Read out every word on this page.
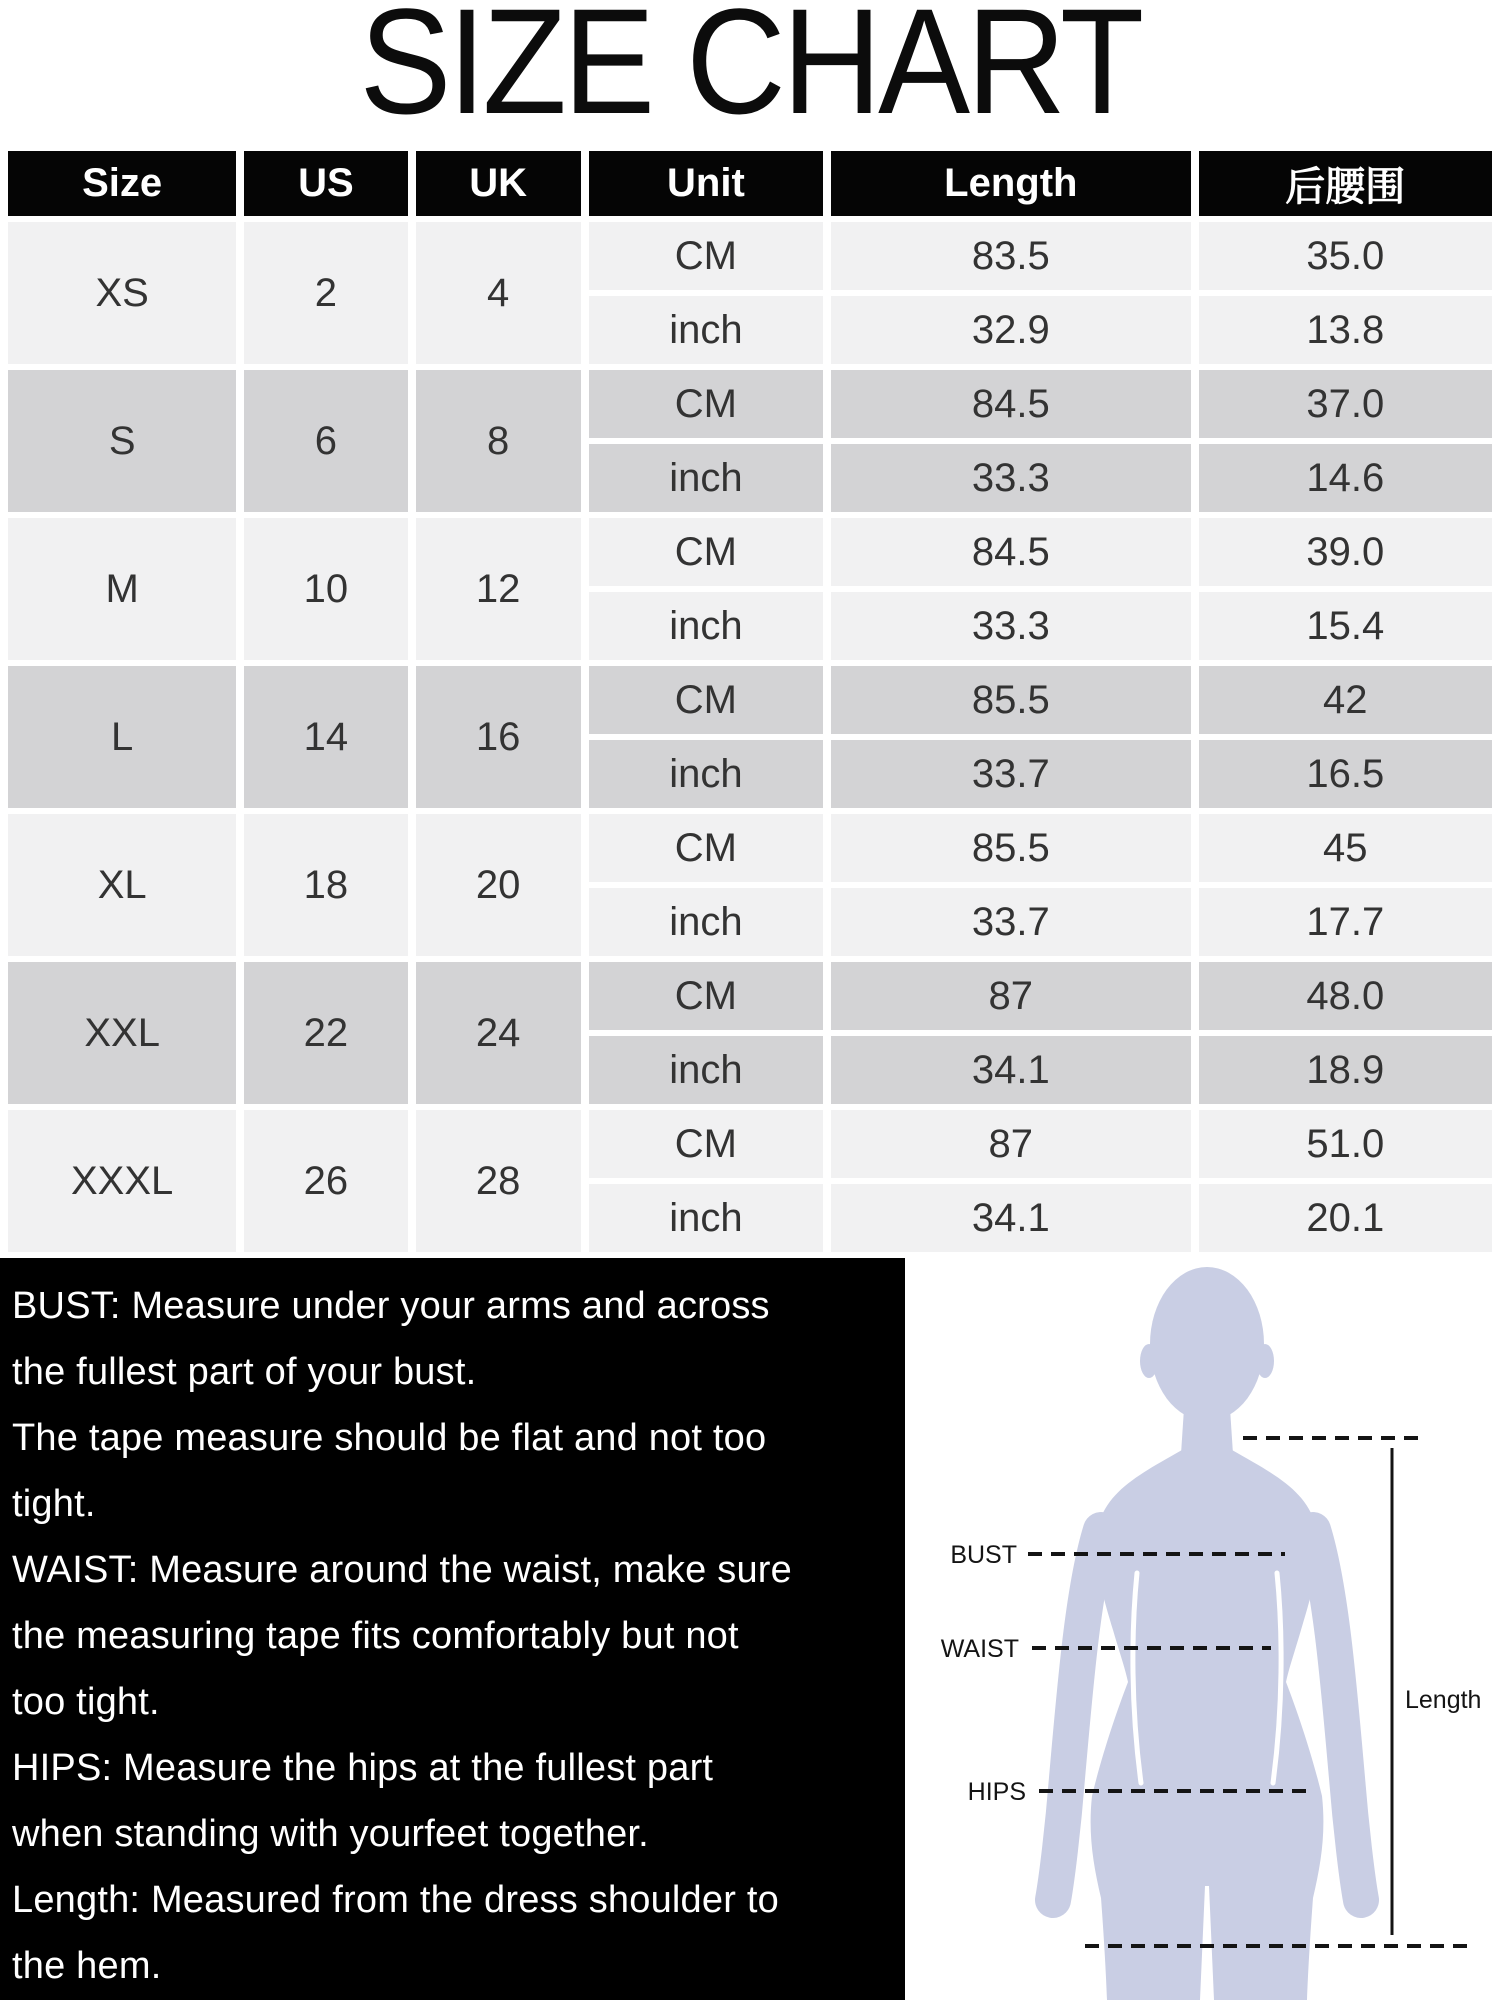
SIZE CHART
Size	US	UK	Unit	Length	后腰围
XS	2	4	CM	83.5	35.0
			inch	32.9	13.8
S	6	8	CM	84.5	37.0
			inch	33.3	14.6
M	10	12	CM	84.5	39.0
			inch	33.3	15.4
L	14	16	CM	85.5	42
			inch	33.7	16.5
XL	18	20	CM	85.5	45
			inch	33.7	17.7
XXL	22	24	CM	87	48.0
			inch	34.1	18.9
XXXL	26	28	CM	87	51.0
			inch	34.1	20.1
BUST: Measure under your arms and across
the fullest part of your bust.
The tape measure should be flat and not too
tight.
WAIST: Measure around the waist, make sure
the measuring tape fits comfortably but not
too tight.
HIPS: Measure the hips at the fullest part
when standing with yourfeet together.
Length: Measured from the dress shoulder to
the hem.
BUST
WAIST
HIPS
Length
